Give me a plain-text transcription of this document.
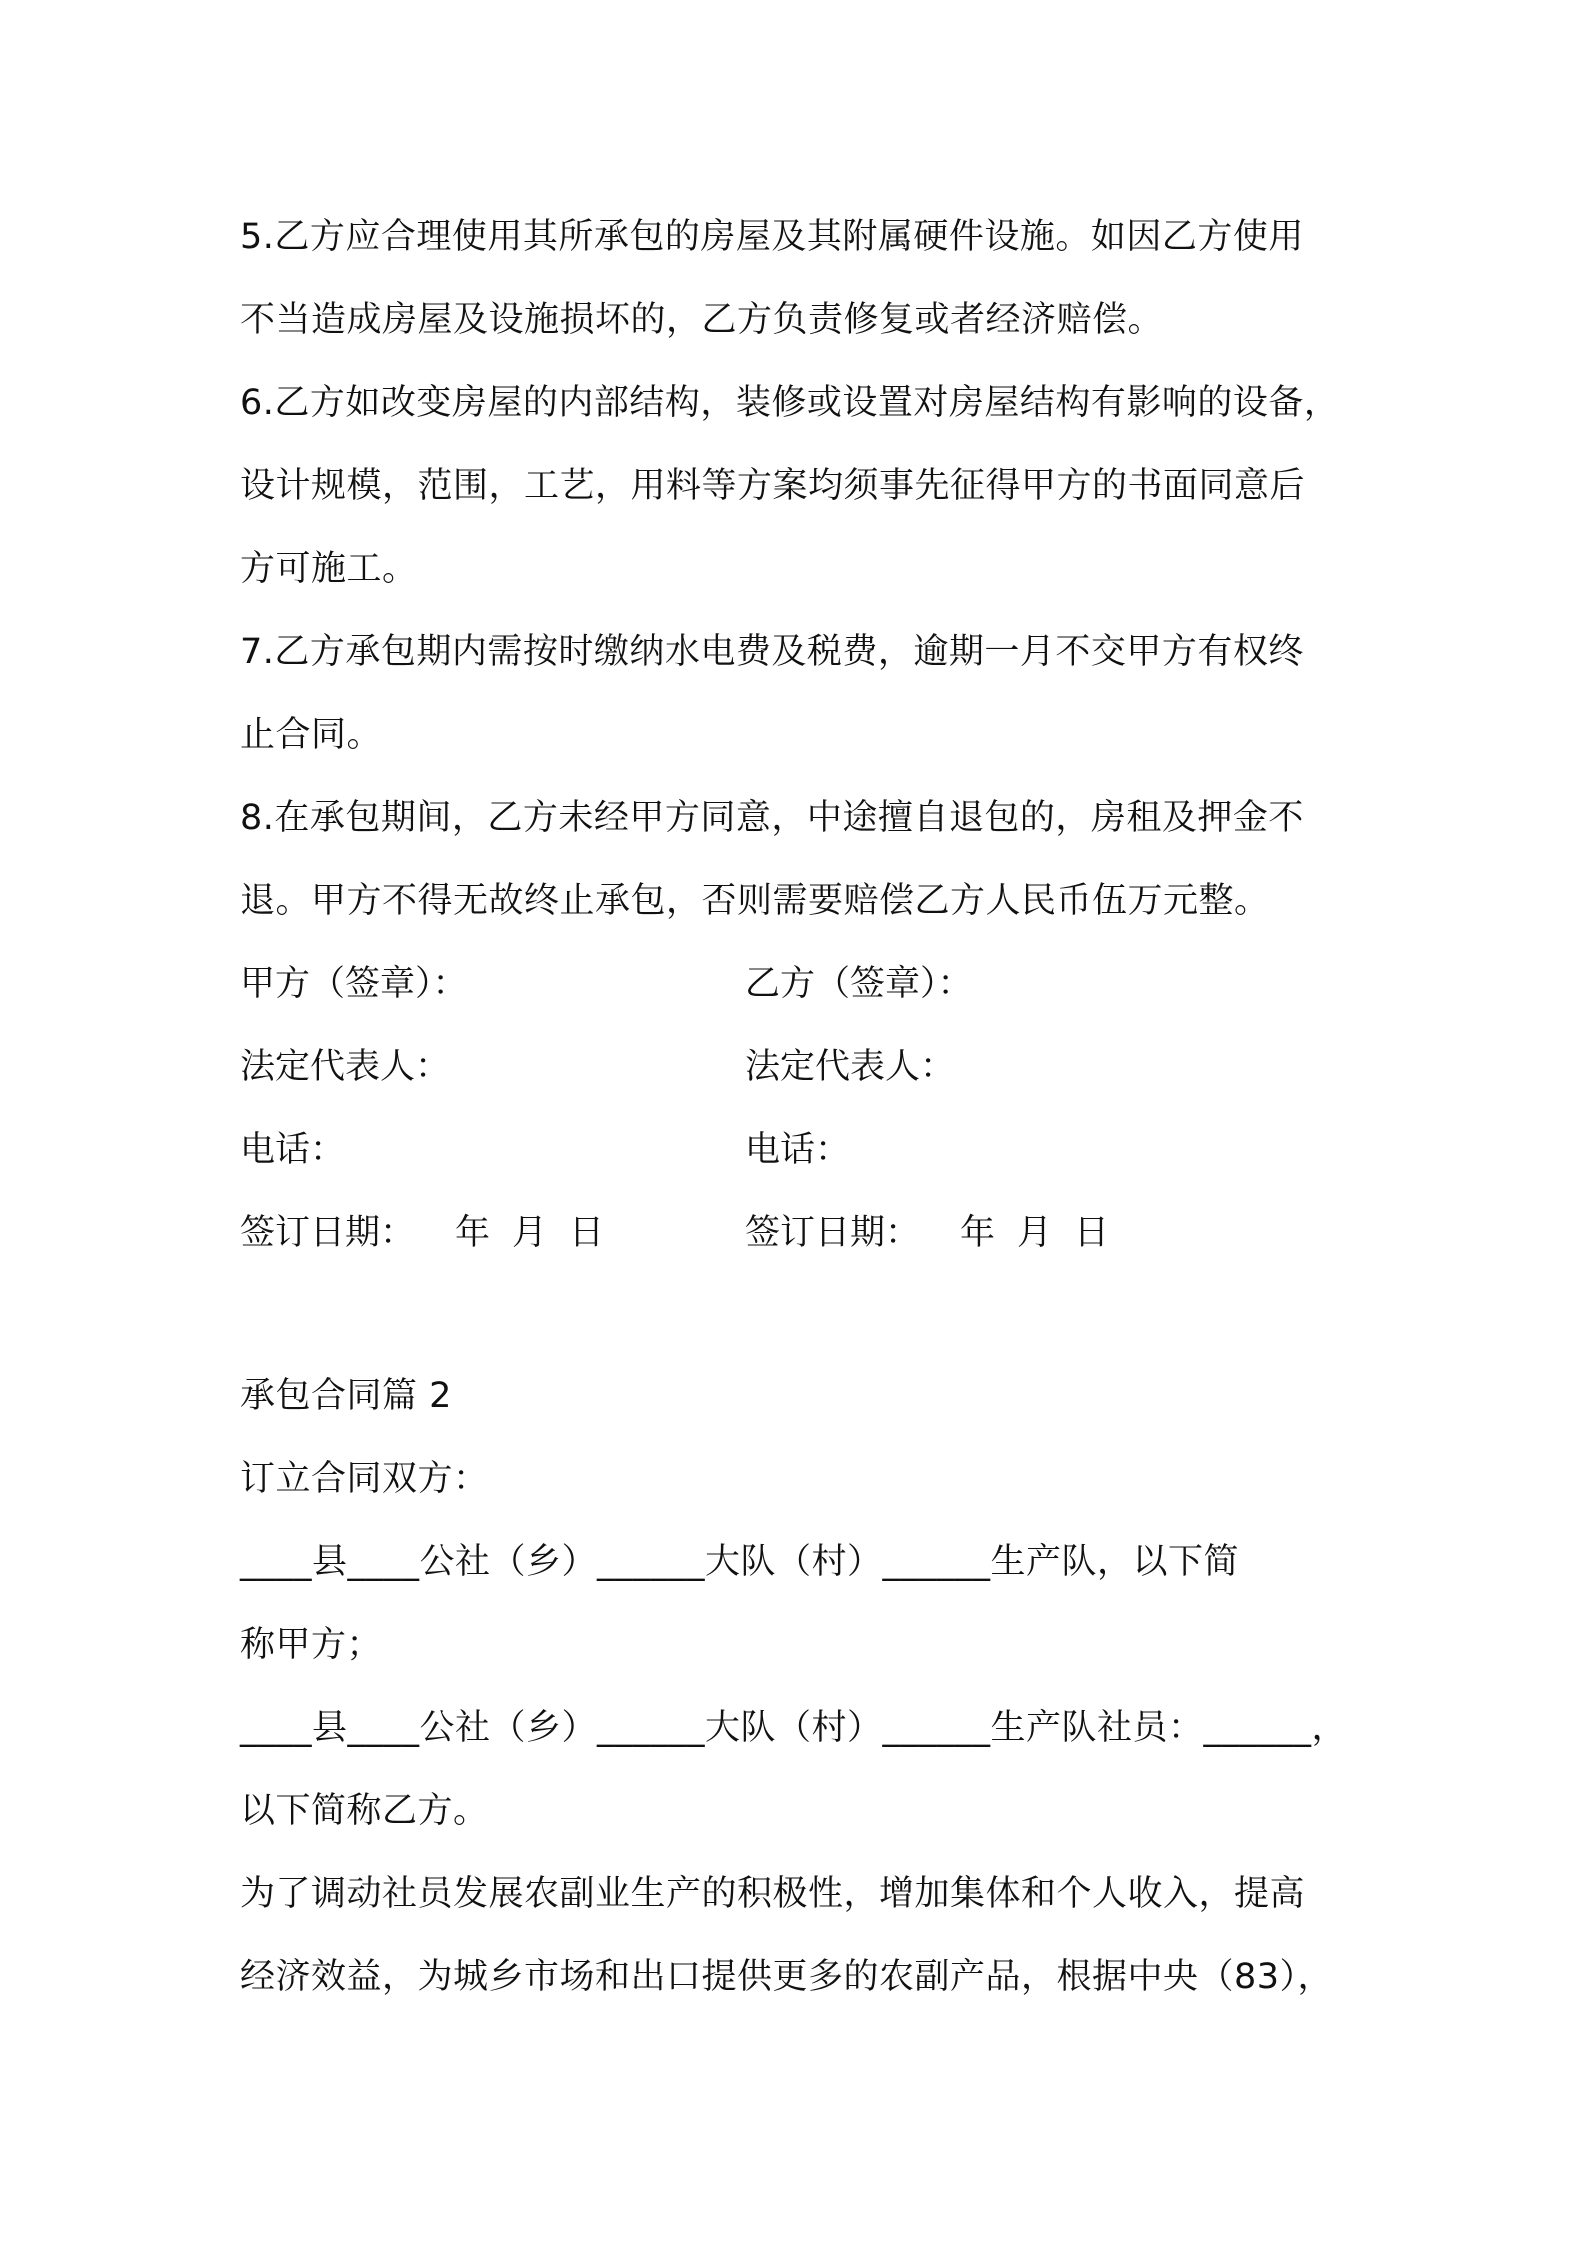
5.乙方应合理使用其所承包的房屋及其附属硬件设施。如因乙方使用
不当造成房屋及设施损坏的，乙方负责修复或者经济赔偿。
6.乙方如改变房屋的内部结构，装修或设置对房屋结构有影响的设备，
设计规模，范围，工艺，用料等方案均须事先征得甲方的书面同意后
方可施工。
7.乙方承包期内需按时缴纳水电费及税费，逾期一月不交甲方有权终
止合同。
8.在承包期间，乙方未经甲方同意，中途擅自退包的，房租及押金不
退。甲方不得无故终止承包，否则需要赔偿乙方人民币伍万元整。
甲方（签章）：	乙方（签章）：
法定代表人：	法定代表人：
电话：	电话：
签订日期： 年 月 日	签订日期： 年 月 日
承包合同篇 2
订立合同双方：
____县____公社（乡）______大队（村）______生产队，以下简
称甲方；
____县____公社（乡）______大队（村）______生产队社员：______，
以下简称乙方。
为了调动社员发展农副业生产的积极性，增加集体和个人收入，提高
经济效益，为城乡市场和出口提供更多的农副产品，根据中央（83），
